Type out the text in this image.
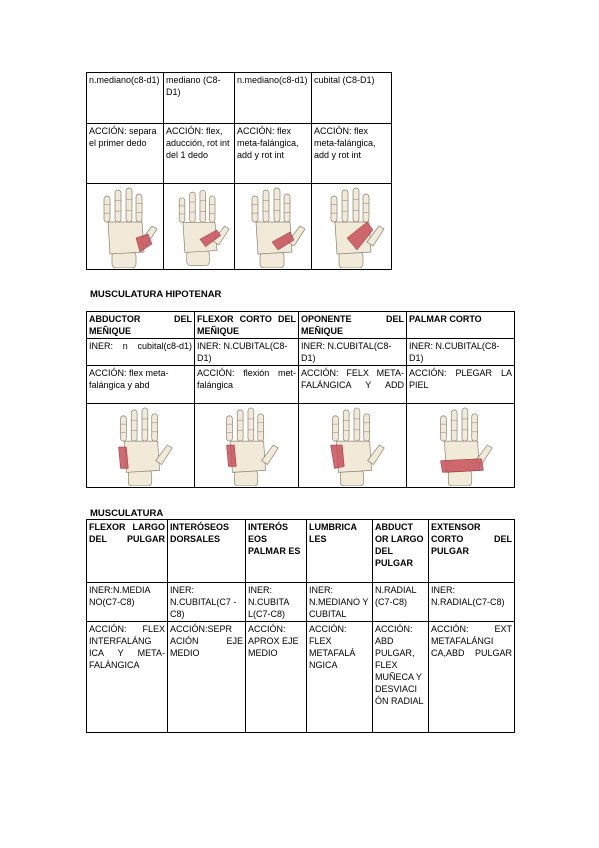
n.mediano(c8-d1)	mediano (C8-D1)	n.mediano(c8-d1)	cubital (C8-D1)
ACCIÓN: separa el primer dedo	ACCIÓN: flex, aducción, rot int del 1 dedo	ACCIÓN: flex meta-falángica, add y rot int	ACCIÓN: flex meta-falángica, add y rot int

MUSCULATURA HIPOTENAR
ABDUCTOR DEL MEÑIQUE	FLEXOR CORTO DEL MEÑIQUE	OPONENTE DEL MEÑIQUE	PALMAR CORTO
INER: n cubital(c8-d1)	INER: N.CUBITAL(C8-D1)	INER: N.CUBITAL(C8-D1)	INER: N.CUBITAL(C8-D1)
ACCIÓN: flex meta-falángica y abd	ACCIÓN: flexión met-falángica	ACCIÓN: FELX META-FALÁNGICA Y ADD	ACCIÓN: PLEGAR LA PIEL

MUSCULATURA
FLEXOR LARGO DEL PULGAR	INTERÓSEOS DORSALES	INTERÓS EOS PALMAR ES	LUMBRICA LES	ABDUCT OR LARGO DEL PULGAR	EXTENSOR CORTO DEL PULGAR
INER:N.MEDIA NO(C7-C8)	INER: N.CUBITAL(C7 -C8)	INER: N.CUBITA L(C7-C8)	INER: N.MEDIANO Y CUBITAL	N.RADIAL (C7-C8)	INER: N.RADIAL(C7-C8)
ACCIÓN: FLEX INTERFALÁNG ICA Y META-FALÁNGICA	ACCIÓN:SEPR ACIÓN EJE MEDIO	ACCIÓN: APROX EJE MEDIO	ACCIÓN: FLEX METAFALÁ NGICA	ACCIÓN: ABD PULGAR, FLEX MUÑECA Y DESVIACI ÓN RADIAL	ACCIÓN: EXT METAFALÁNGI CA,ABD PULGAR
